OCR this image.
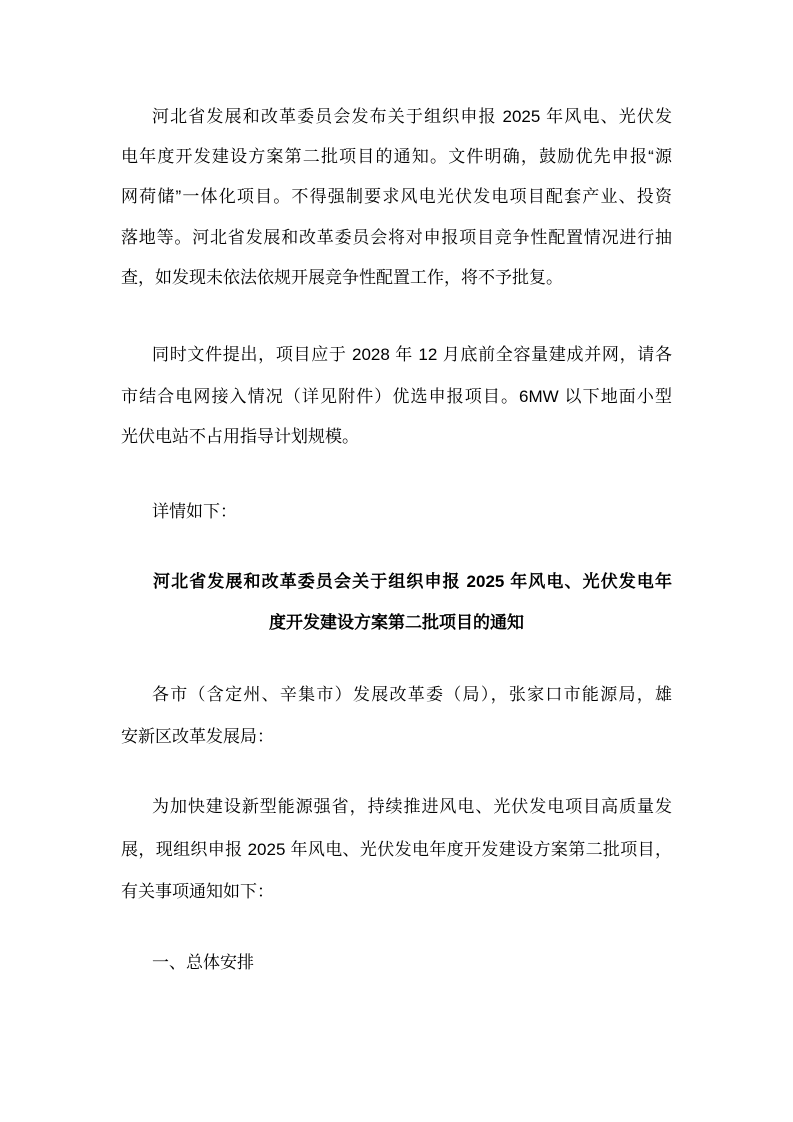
河北省发展和改革委员会发布关于组织申报 2025 年风电、光伏发
电年度开发建设方案第二批项目的通知。文件明确，鼓励优先申报“源
网荷储”一体化项目。不得强制要求风电光伏发电项目配套产业、投资
落地等。河北省发展和改革委员会将对申报项目竞争性配置情况进行抽
查，如发现未依法依规开展竞争性配置工作，将不予批复。
同时文件提出，项目应于 2028 年 12 月底前全容量建成并网，请各
市结合电网接入情况（详见附件）优选申报项目。6MW 以下地面小型
光伏电站不占用指导计划规模。
详情如下：
河北省发展和改革委员会关于组织申报 2025 年风电、光伏发电年
度开发建设方案第二批项目的通知
各市（含定州、辛集市）发展改革委（局），张家口市能源局，雄
安新区改革发展局：
为加快建设新型能源强省，持续推进风电、光伏发电项目高质量发
展，现组织申报 2025 年风电、光伏发电年度开发建设方案第二批项目，
有关事项通知如下：
一、总体安排
